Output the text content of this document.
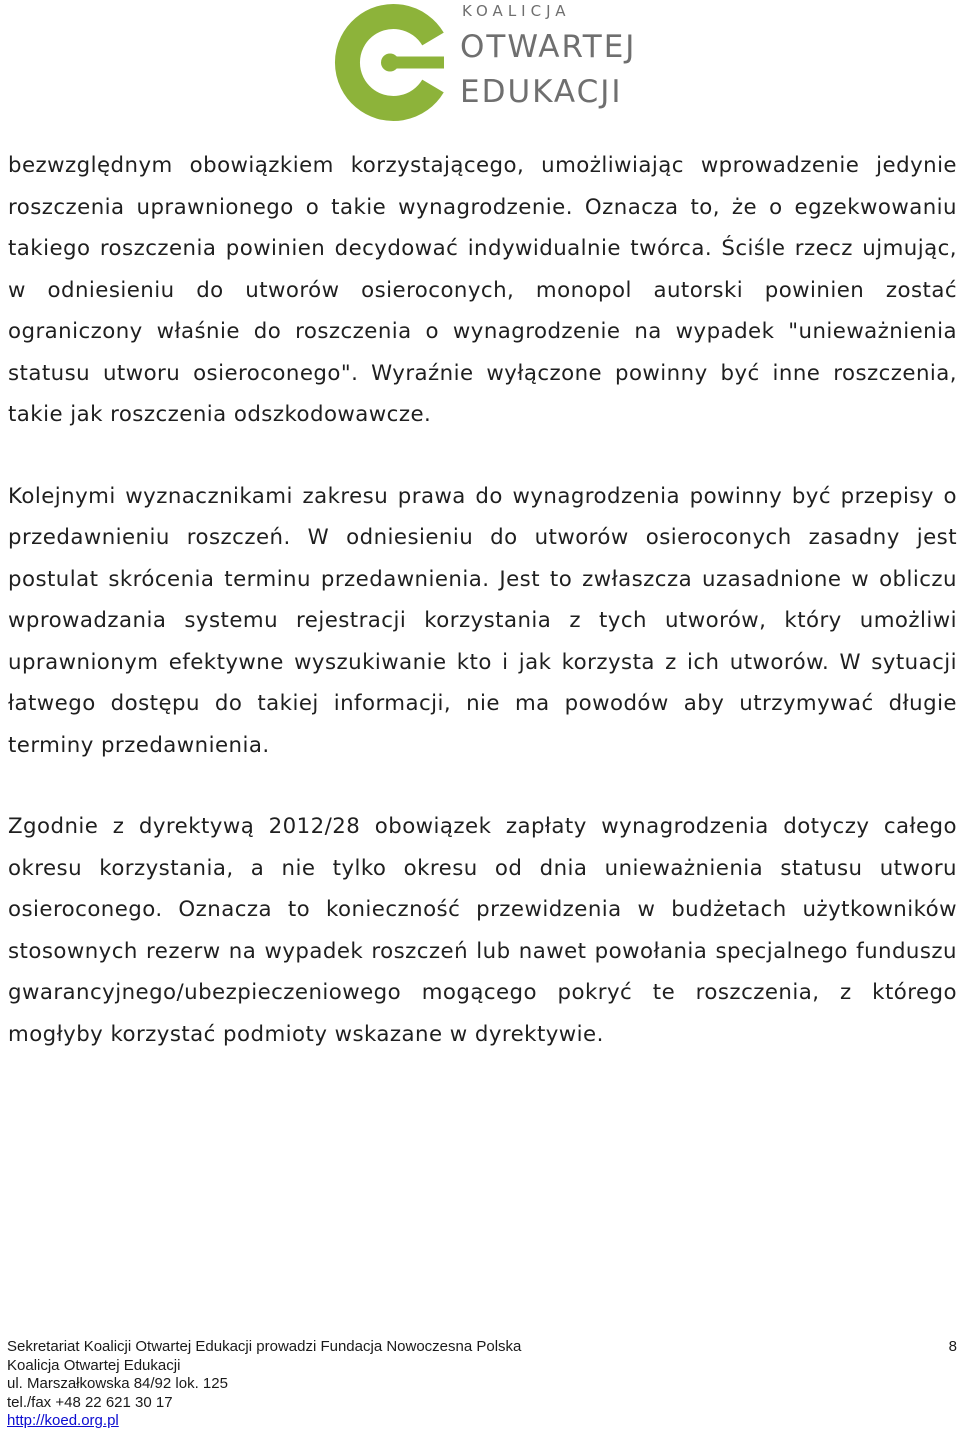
KOALICJA
OTWARTEJ
EDUKACJI

bezwzględnym obowiązkiem korzystającego, umożliwiając wprowadzenie jedynie roszczenia uprawnionego o takie wynagrodzenie. Oznacza to, że o egzekwowaniu takiego roszczenia powinien decydować indywidualnie twórca. Ściśle rzecz ujmując, w odniesieniu do utworów osieroconych, monopol autorski powinien zostać ograniczony właśnie do roszczenia o wynagrodzenie na wypadek "unieważnienia statusu utworu osieroconego". Wyraźnie wyłączone powinny być inne roszczenia, takie jak roszczenia odszkodowawcze.

Kolejnymi wyznacznikami zakresu prawa do wynagrodzenia powinny być przepisy o przedawnieniu roszczeń. W odniesieniu do utworów osieroconych zasadny jest postulat skrócenia terminu przedawnienia. Jest to zwłaszcza uzasadnione w obliczu wprowadzania systemu rejestracji korzystania z tych utworów, który umożliwi uprawnionym efektywne wyszukiwanie kto i jak korzysta z ich utworów. W sytuacji łatwego dostępu do takiej informacji, nie ma powodów aby utrzymywać długie terminy przedawnienia.

Zgodnie z dyrektywą 2012/28 obowiązek zapłaty wynagrodzenia dotyczy całego okresu korzystania, a nie tylko okresu od dnia unieważnienia statusu utworu osieroconego. Oznacza to konieczność przewidzenia w budżetach użytkowników stosownych rezerw na wypadek roszczeń lub nawet powołania specjalnego funduszu gwarancyjnego/ubezpieczeniowego mogącego pokryć te roszczenia, z którego mogłyby korzystać podmioty wskazane w dyrektywie.

Sekretariat Koalicji Otwartej Edukacji prowadzi Fundacja Nowoczesna Polska
Koalicja Otwartej Edukacji
ul. Marszałkowska 84/92 lok. 125
tel./fax +48 22 621 30 17
http://koed.org.pl
8
